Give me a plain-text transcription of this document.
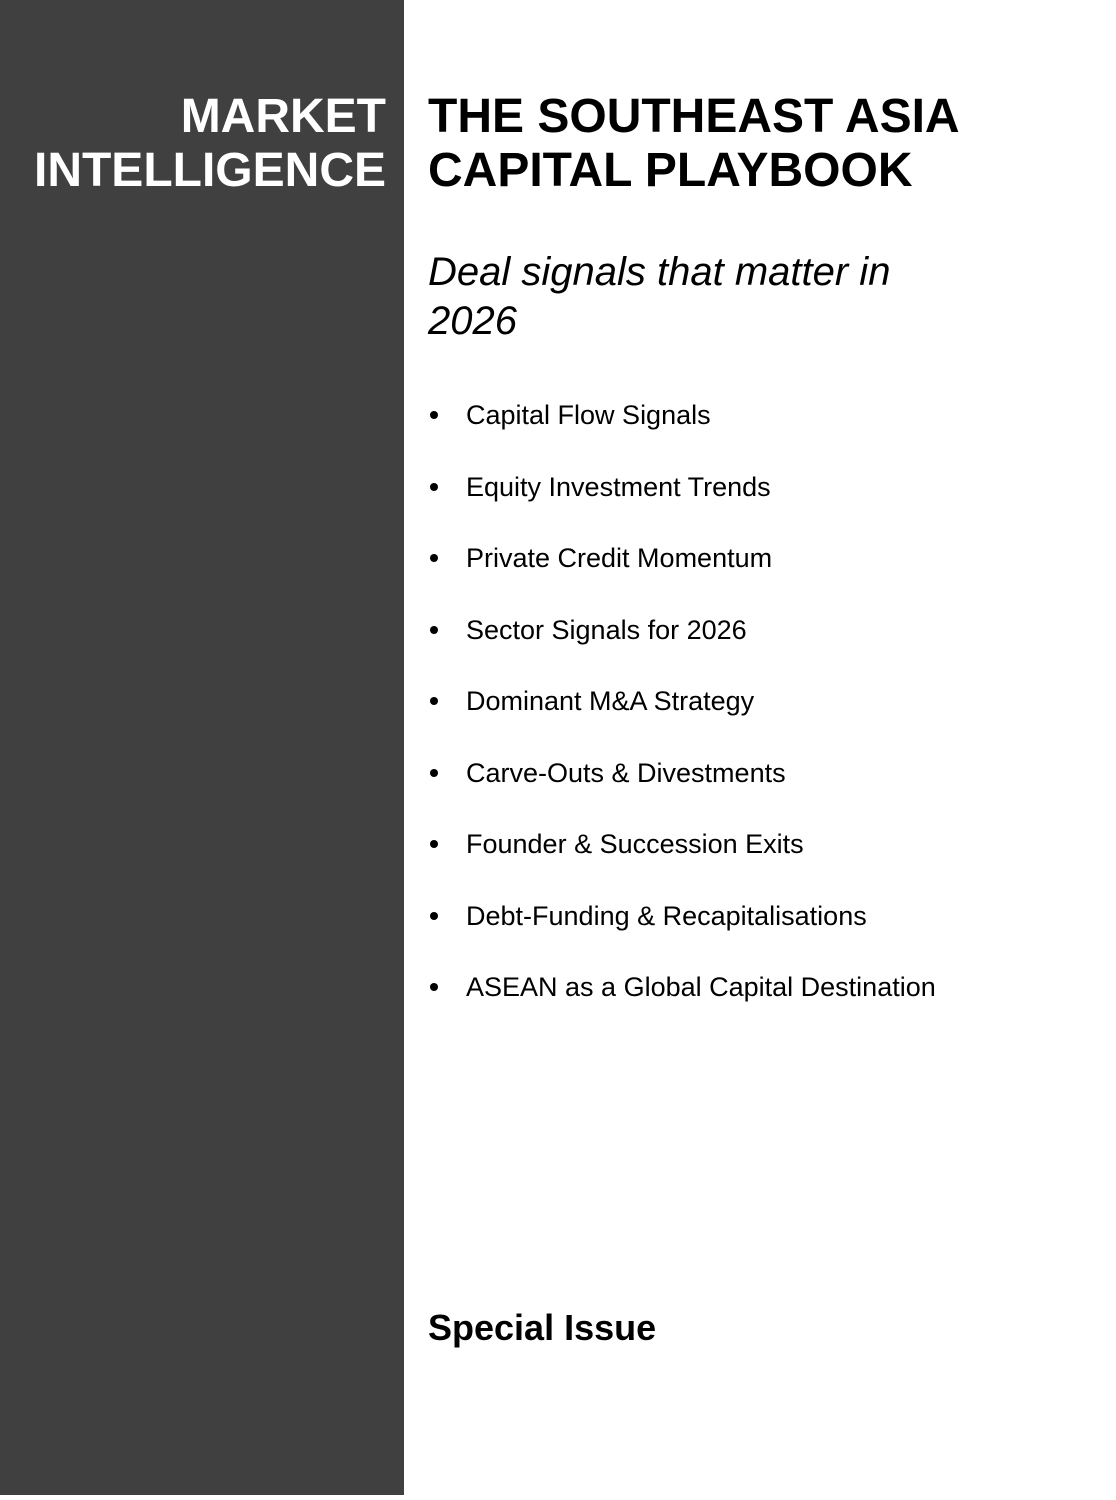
MARKET
INTELLIGENCE
THE SOUTHEAST ASIA
CAPITAL PLAYBOOK

Deal signals that matter in 2026

Capital Flow Signals
Equity Investment Trends
Private Credit Momentum
Sector Signals for 2026
Dominant M&A Strategy
Carve-Outs & Divestments
Founder & Succession Exits
Debt-Funding & Recapitalisations
ASEAN as a Global Capital Destination
Special Issue
